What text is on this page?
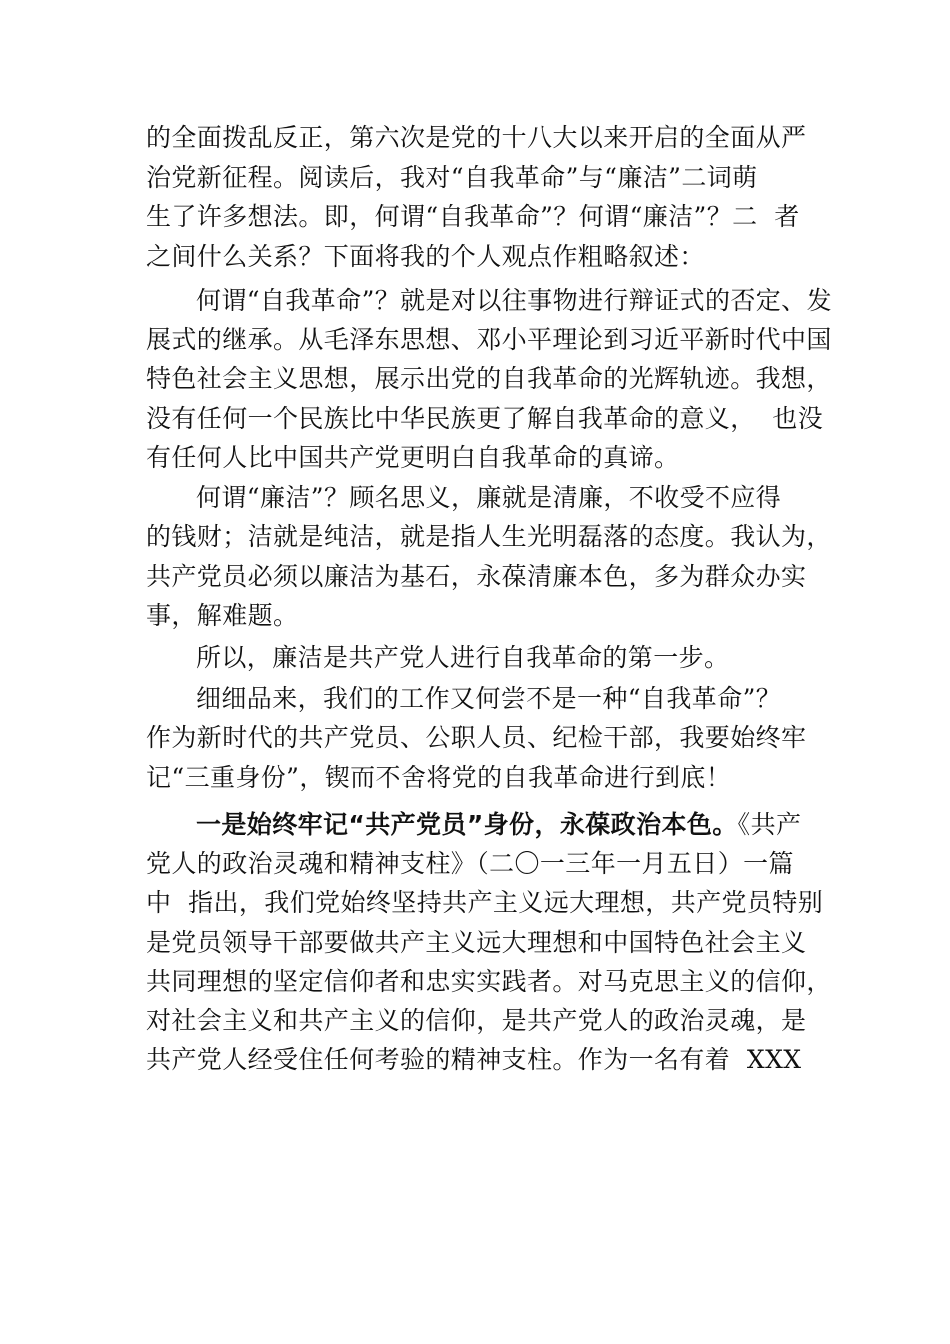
的全面拨乱反正，第六次是党的十八大以来开启的全面从严
治党新征程。阅读后，我对“自我革命”与“廉洁”二词萌
生了许多想法。即，何谓“自我革命”？何谓“廉洁”？二  者
之间什么关系？下面将我的个人观点作粗略叙述：
何谓“自我革命”？就是对以往事物进行辩证式的否定、发
展式的继承。从毛泽东思想、邓小平理论到习近平新时代中国
特色社会主义思想，展示出党的自我革命的光辉轨迹。我想，
没有任何一个民族比中华民族更了解自我革命的意义，  也没
有任何人比中国共产党更明白自我革命的真谛。
何谓“廉洁”？顾名思义，廉就是清廉，不收受不应得
的钱财；洁就是纯洁，就是指人生光明磊落的态度。我认为，
共产党员必须以廉洁为基石，永葆清廉本色，多为群众办实
事，解难题。
所以，廉洁是共产党人进行自我革命的第一步。
细细品来，我们的工作又何尝不是一种“自我革命”？
作为新时代的共产党员、公职人员、纪检干部，我要始终牢
记“三重身份”，锲而不舍将党的自我革命进行到底！
一是始终牢记“共产党员”身份，永葆政治本色。《共产
党人的政治灵魂和精神支柱》（二〇一三年一月五日）一篇
中  指出，我们党始终坚持共产主义远大理想，共产党员特别
是党员领导干部要做共产主义远大理想和中国特色社会主义
共同理想的坚定信仰者和忠实实践者。对马克思主义的信仰，
对社会主义和共产主义的信仰，是共产党人的政治灵魂，是
共产党人经受住任何考验的精神支柱。作为一名有着  XXX
